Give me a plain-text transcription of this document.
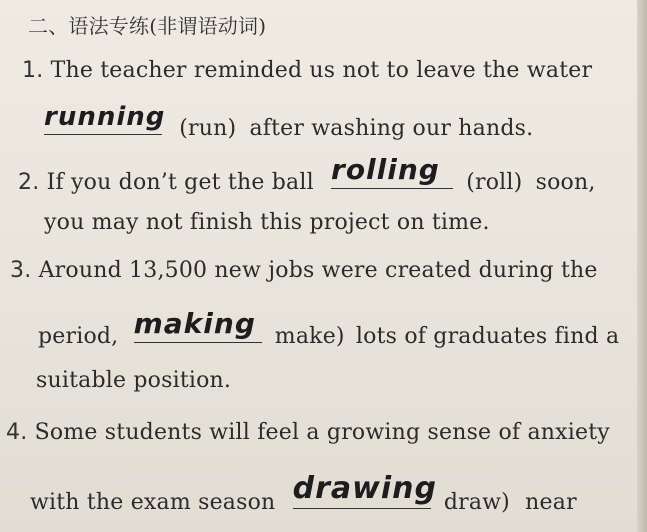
二、语法专练(非谓语动词)
1. The teacher reminded us not to leave the water
running (run) after washing our hands.
2. If you don’t get the ball rolling (roll) soon,
you may not finish this project on time.
3. Around 13,500 new jobs were created during the
period, making make) lots of graduates find a
suitable position.
4. Some students will feel a growing sense of anxiety
with the exam season drawing draw) near
